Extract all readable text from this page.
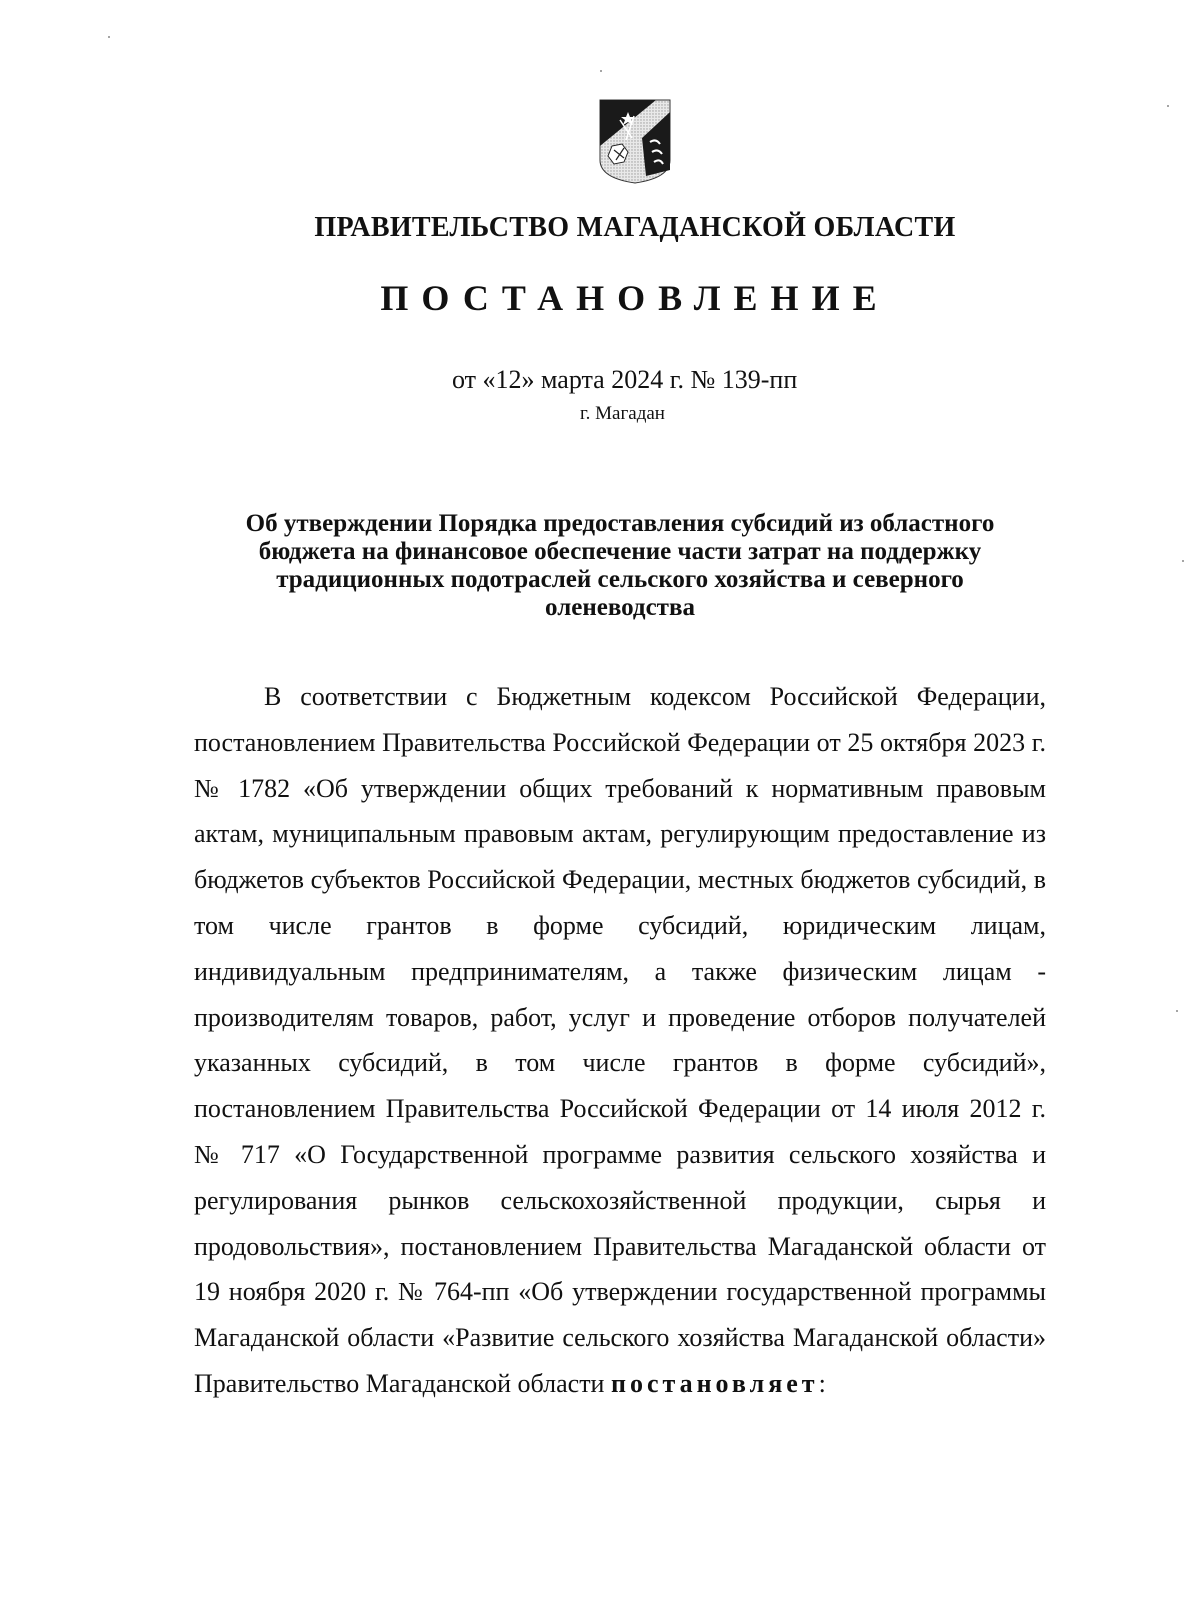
ПРАВИТЕЛЬСТВО МАГАДАНСКОЙ ОБЛАСТИ
ПОСТАНОВЛЕНИЕ
от «12» марта 2024 г. № 139-пп
г. Магадан
Об утверждении Порядка предоставления субсидий из областного
бюджета на финансовое обеспечение части затрат на поддержку
традиционных подотраслей сельского хозяйства и северного
оленеводства
В соответствии с Бюджетным кодексом Российской Федерации, постановлением Правительства Российской Федерации от 25 октября 2023 г. № 1782 «Об утверждении общих требований к нормативным правовым актам, муниципальным правовым актам, регулирующим предоставление из бюджетов субъектов Российской Федерации, местных бюджетов субсидий, в том числе грантов в форме субсидий, юридическим лицам, индивидуальным предпринимателям, а также физическим лицам - производителям товаров, работ, услуг и проведение отборов получателей указанных субсидий, в том числе грантов в форме субсидий», постановлением Правительства Российской Федерации от 14 июля 2012 г. № 717 «О Государственной программе развития сельского хозяйства и регулирования рынков сельскохозяйственной продукции, сырья и продовольствия», постановлением Правительства Магаданской области от 19 ноября 2020 г. № 764-пп «Об утверждении государственной программы Магаданской области «Развитие сельского хозяйства Магаданской области» Правительство Магаданской области постановляет:
